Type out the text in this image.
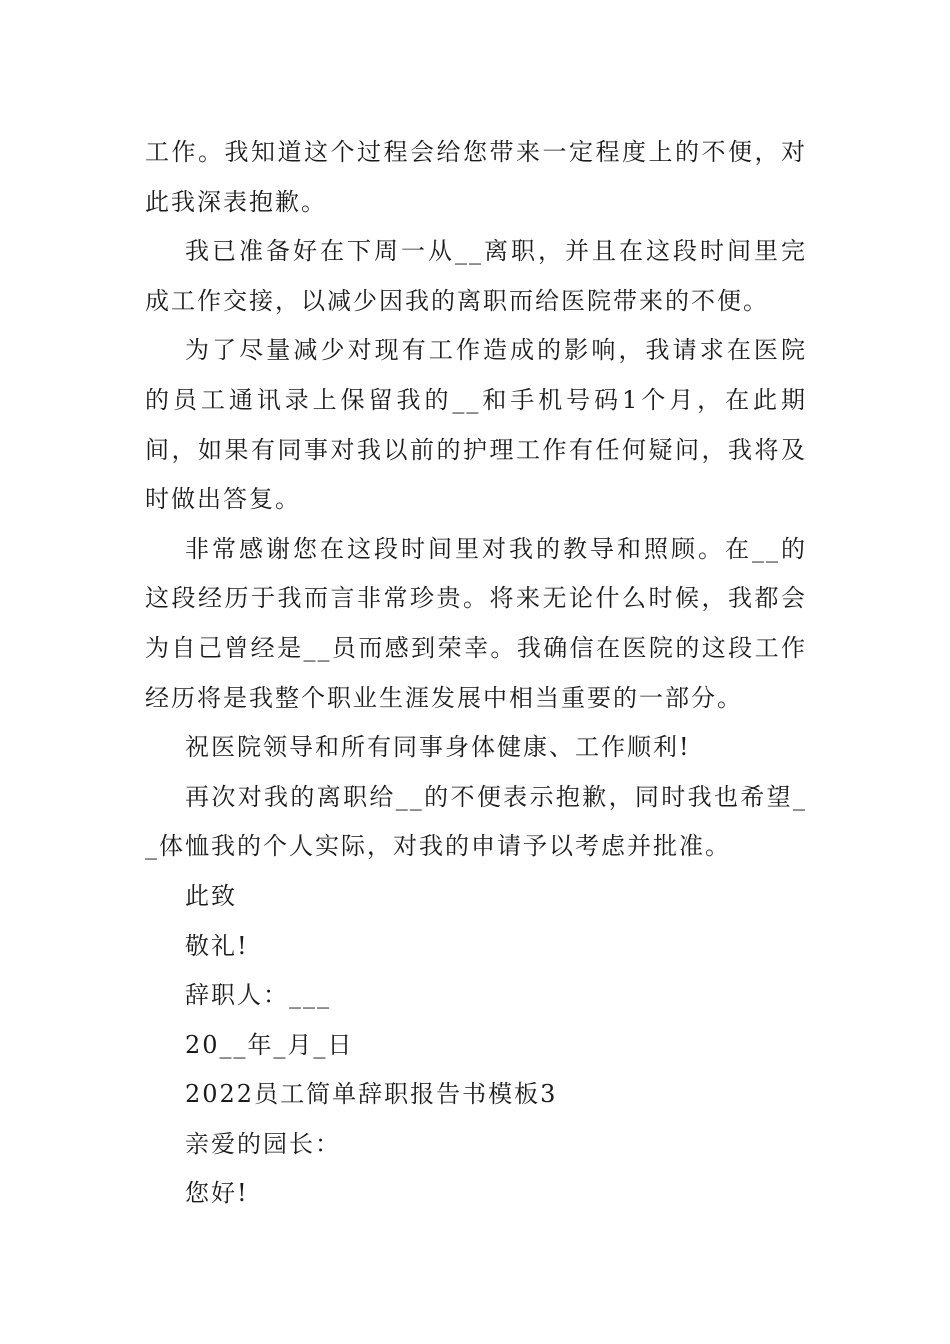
工作。我知道这个过程会给您带来一定程度上的不便，对此我深表抱歉。

我已准备好在下周一从__离职，并且在这段时间里完成工作交接，以减少因我的离职而给医院带来的不便。

为了尽量减少对现有工作造成的影响，我请求在医院的员工通讯录上保留我的__和手机号码1个月，在此期间，如果有同事对我以前的护理工作有任何疑问，我将及时做出答复。

非常感谢您在这段时间里对我的教导和照顾。在__的这段经历于我而言非常珍贵。将来无论什么时候，我都会为自己曾经是__员而感到荣幸。我确信在医院的这段工作经历将是我整个职业生涯发展中相当重要的一部分。

祝医院领导和所有同事身体健康、工作顺利!

再次对我的离职给__的不便表示抱歉，同时我也希望__体恤我的个人实际，对我的申请予以考虑并批准。

此致

敬礼!

辞职人：___

20__年_月_日

2022员工简单辞职报告书模板3

亲爱的园长：

您好!
